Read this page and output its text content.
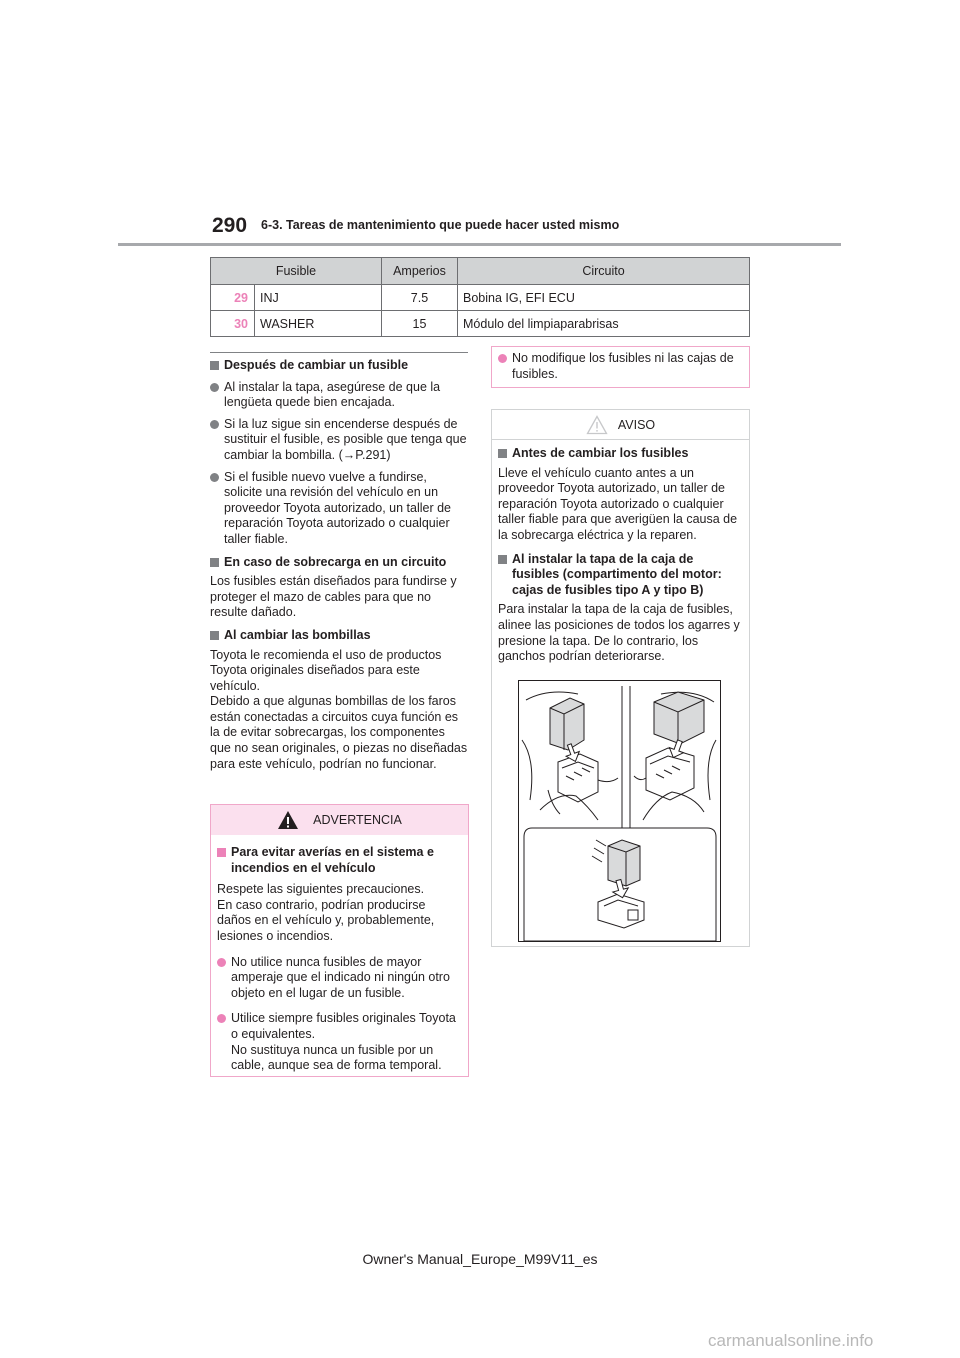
290 6-3. Tareas de mantenimiento que puede hacer usted mismo
Fusible		Amperios	Circuito
29	INJ	7.5	Bobina IG, EFI ECU
30	WASHER	15	Módulo del limpiaparabrisas
Después de cambiar un fusible
Al instalar la tapa, asegúrese de que la lengüeta quede bien encajada.
Si la luz sigue sin encenderse después de sustituir el fusible, es posible que tenga que cambiar la bombilla. (→P.291)
Si el fusible nuevo vuelve a fundirse, solicite una revisión del vehículo en un proveedor Toyota autorizado, un taller de reparación Toyota autorizado o cualquier taller fiable.
En caso de sobrecarga en un circuito
Los fusibles están diseñados para fundirse y proteger el mazo de cables para que no resulte dañado.
Al cambiar las bombillas
Toyota le recomienda el uso de productos Toyota originales diseñados para este vehículo.
Debido a que algunas bombillas de los faros están conectadas a circuitos cuya función es la de evitar sobrecargas, los componentes que no sean originales, o piezas no diseñadas para este vehículo, podrían no funcionar.
ADVERTENCIA
Para evitar averías en el sistema e incendios en el vehículo
Respete las siguientes precauciones.
En caso contrario, podrían producirse daños en el vehículo y, probablemente, lesiones o incendios.
No utilice nunca fusibles de mayor amperaje que el indicado ni ningún otro objeto en el lugar de un fusible.
Utilice siempre fusibles originales Toyota o equivalentes.
No sustituya nunca un fusible por un cable, aunque sea de forma temporal.
No modifique los fusibles ni las cajas de fusibles.
AVISO
Antes de cambiar los fusibles
Lleve el vehículo cuanto antes a un proveedor Toyota autorizado, un taller de reparación Toyota autorizado o cualquier taller fiable para que averigüen la causa de la sobrecarga eléctrica y la reparen.
Al instalar la tapa de la caja de fusibles (compartimento del motor: cajas de fusibles tipo A y tipo B)
Para instalar la tapa de la caja de fusibles, alinee las posiciones de todos los agarres y presione la tapa. De lo contrario, los ganchos podrían deteriorarse.
Owner's Manual_Europe_M99V11_es
carmanualsonline.info
